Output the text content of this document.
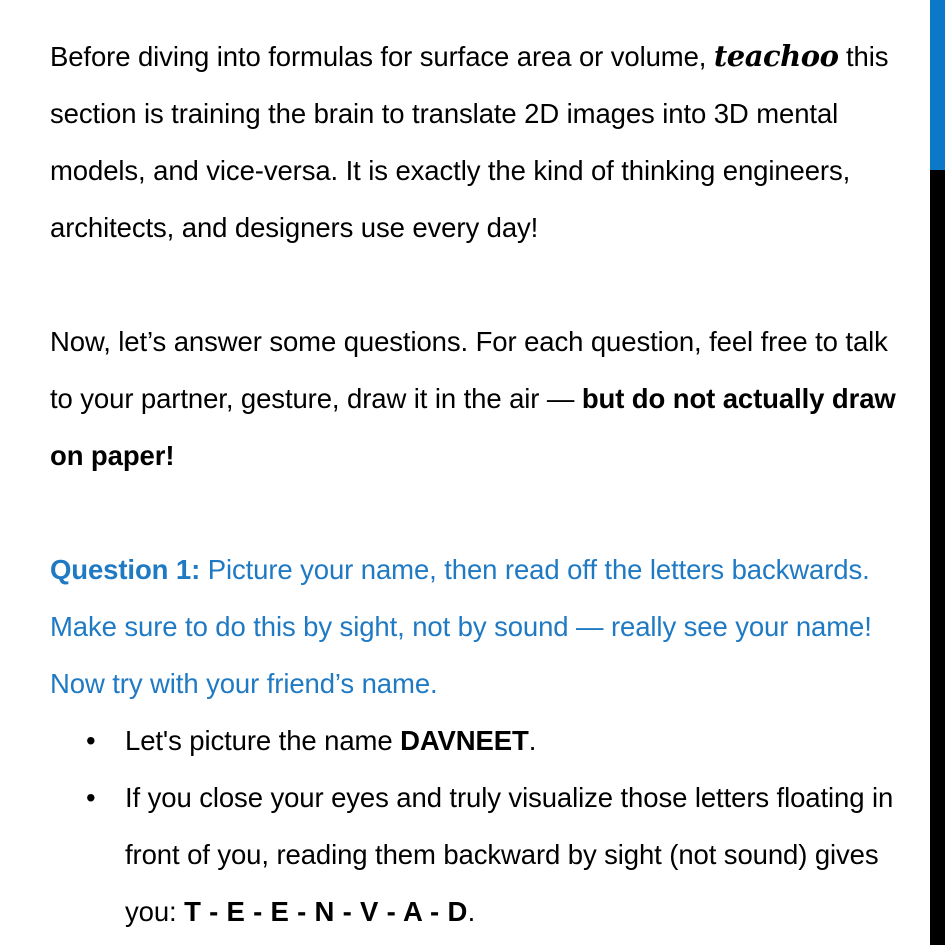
Before diving into formulas for surface area or volume, teachoo this section is training the brain to translate 2D images into 3D mental models, and vice-versa. It is exactly the kind of thinking engineers, architects, and designers use every day!

Now, let’s answer some questions. For each question, feel free to talk to your partner, gesture, draw it in the air — but do not actually draw on paper!

Question 1: Picture your name, then read off the letters backwards. Make sure to do this by sight, not by sound — really see your name! Now try with your friend’s name.

• Let's picture the name DAVNEET.
• If you close your eyes and truly visualize those letters floating in front of you, reading them backward by sight (not sound) gives you: T - E - E - N - V - A - D.
